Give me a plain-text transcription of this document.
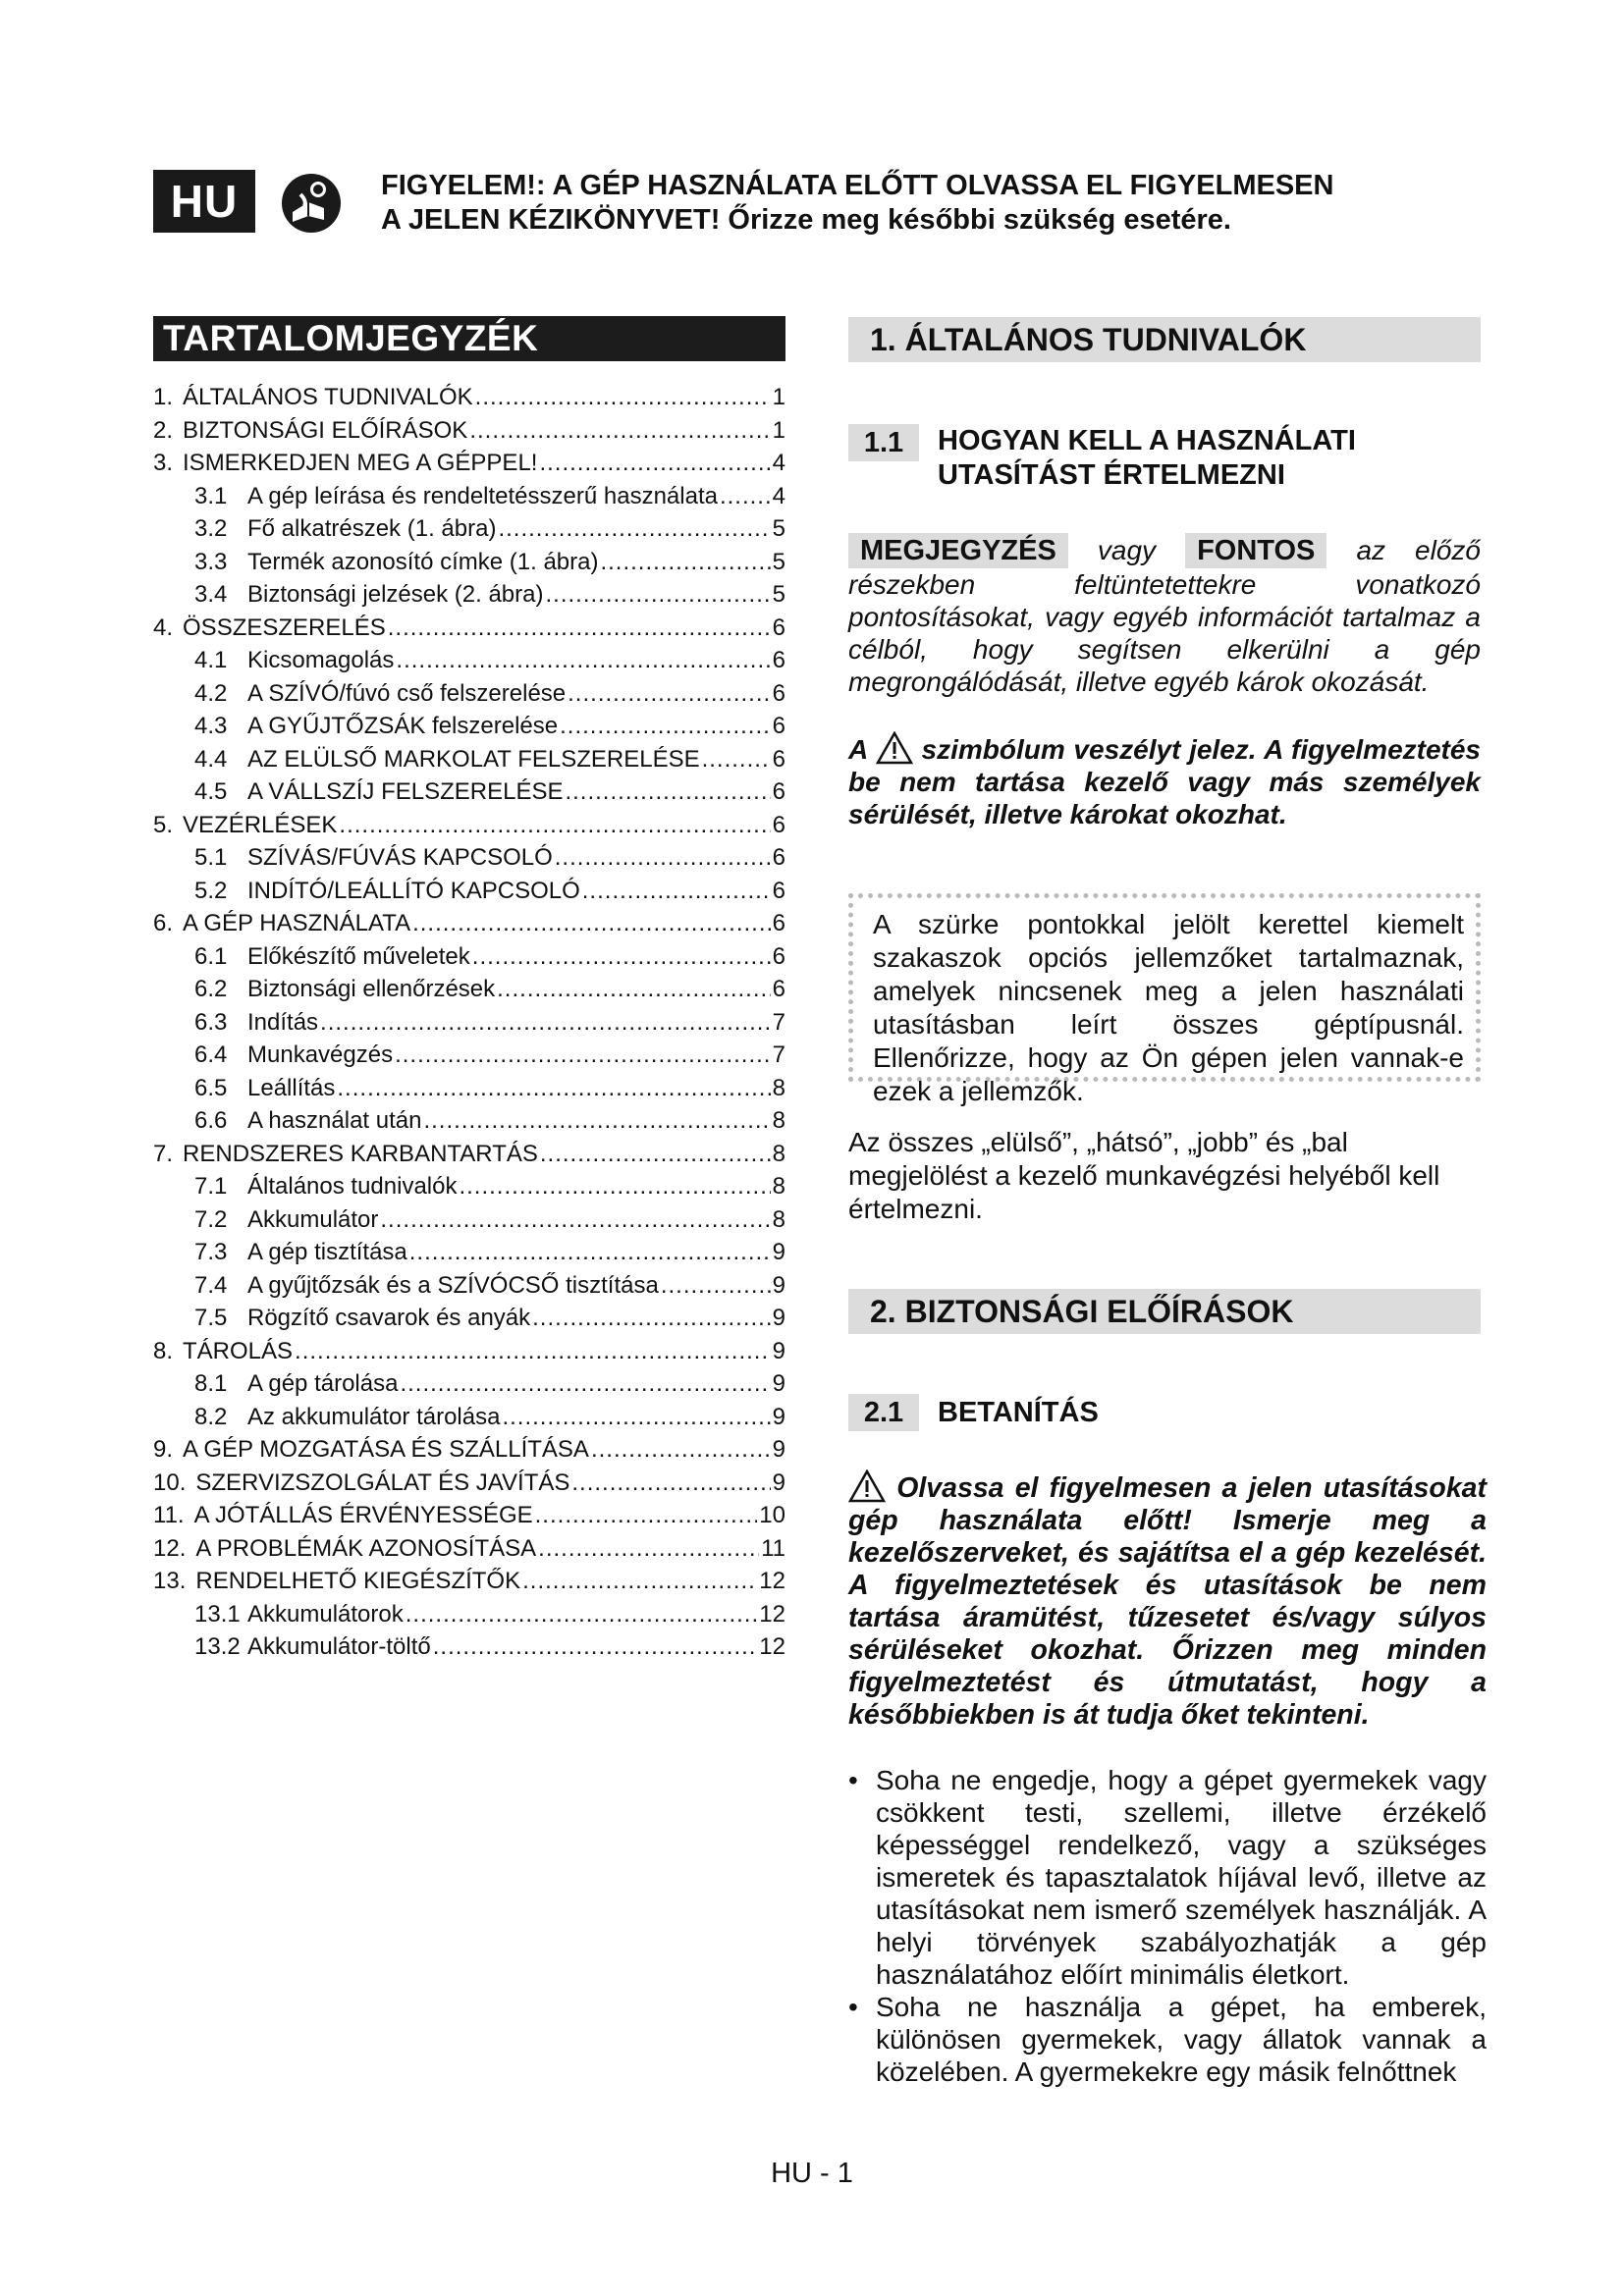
HU	FIGYELEM!: A GÉP HASZNÁLATA ELŐTT OLVASSA EL FIGYELMESEN
A JELEN KÉZIKÖNYVET! Őrizze meg későbbi szükség esetére.
TARTALOMJEGYZÉK
1. ÁLTALÁNOS TUDNIVALÓK .....	1
2. BIZTONSÁGI ELŐÍRÁSOK .....	1
3. ISMERKEDJEN MEG A GÉPPEL! .....	4
3.1 A gép leírása és rendeltetésszerű használata ..... 4
3.2 Fő alkatrészek (1. ábra) .....	5
3.3 Termék azonosító címke (1. ábra) .....	5
3.4 Biztonsági jelzések (2. ábra) .....	5
4. ÖSSZESZERELÉS .....	6
4.1 Kicsomagolás .....	6
4.2 A SZÍVÓ/fúvó cső felszerelése .....	6
4.3 A GYŰJTŐZSÁK felszerelése .....	6
4.4 AZ ELÜLSŐ MARKOLAT FELSZERELÉSE .....	6
4.5 A VÁLLSZÍJ FELSZERELÉSE .....	6
5. VEZÉRLÉSEK .....	6
5.1 SZÍVÁS/FÚVÁS KAPCSOLÓ .....	6
5.2 INDÍTÓ/LEÁLLÍTÓ KAPCSOLÓ .....	6
6. A GÉP HASZNÁLATA .....	6
6.1 Előkészítő műveletek .....	6
6.2 Biztonsági ellenőrzések .....	6
6.3 Indítás .....	7
6.4 Munkavégzés .....	7
6.5 Leállítás .....	8
6.6 A használat után .....	8
7. RENDSZERES KARBANTARTÁS .....	8
7.1 Általános tudnivalók .....	8
7.2 Akkumulátor .....	8
7.3 A gép tisztítása .....	9
7.4 A gyűjtőzsák és a SZÍVÓCSŐ tisztítása .....	9
7.5 Rögzítő csavarok és anyák .....	9
8. TÁROLÁS .....	9
8.1 A gép tárolása .....	9
8.2 Az akkumulátor tárolása .....	9
9. A GÉP MOZGATÁSA ÉS SZÁLLÍTÁSA .....	9
10. SZERVIZSZOLGÁLAT ÉS JAVÍTÁS .....	9
11. A JÓTÁLLÁS ÉRVÉNYESSÉGE .....	10
12. A PROBLÉMÁK AZONOSÍTÁSA .....	11
13. RENDELHETŐ KIEGÉSZÍTŐK .....	12
13.1 Akkumulátorok .....	12
13.2 Akkumulátor-töltő .....	12
1. ÁLTALÁNOS TUDNIVALÓK
1.1	HOGYAN KELL A HASZNÁLATI UTASÍTÁST ÉRTELMEZNI
MEGJEGYZÉS vagy FONTOS az előző részekben feltüntetettekre vonatkozó pontosításokat, vagy egyéb információt tartalmaz a célból, hogy segítsen elkerülni a gép megrongálódását, illetve egyéb károk okozását.
A szimbólum veszélyt jelez. A figyelmeztetés be nem tartása kezelő vagy más személyek sérülését, illetve károkat okozhat.
A szürke pontokkal jelölt kerettel kiemelt szakaszok opciós jellemzőket tartalmaznak, amelyek nincsenek meg a jelen használati utasításban leírt összes géptípusnál. Ellenőrizze, hogy az Ön gépen jelen vannak-e ezek a jellemzők.
Az összes „elülső”, „hátsó”, „jobb” és „bal megjelölést a kezelő munkavégzési helyéből kell értelmezni.
2. BIZTONSÁGI ELŐÍRÁSOK
2.1	BETANÍTÁS
Olvassa el figyelmesen a jelen utasításokat gép használata előtt! Ismerje meg a kezelőszerveket, és sajátítsa el a gép kezelését. A figyelmeztetések és utasítások be nem tartása áramütést, tűzesetet és/vagy súlyos sérüléseket okozhat. Őrizzen meg minden figyelmeztetést és útmutatást, hogy a későbbiekben is át tudja őket tekinteni.
• Soha ne engedje, hogy a gépet gyermekek vagy csökkent testi, szellemi, illetve érzékelő képességgel rendelkező, vagy a szükséges ismeretek és tapasztalatok híjával levő, illetve az utasításokat nem ismerő személyek használják. A helyi törvények szabályozhatják a gép használatához előírt minimális életkort.
• Soha ne használja a gépet, ha emberek, különösen gyermekek, vagy állatok vannak a közelében. A gyermekekre egy másik felnőttnek
HU - 1
